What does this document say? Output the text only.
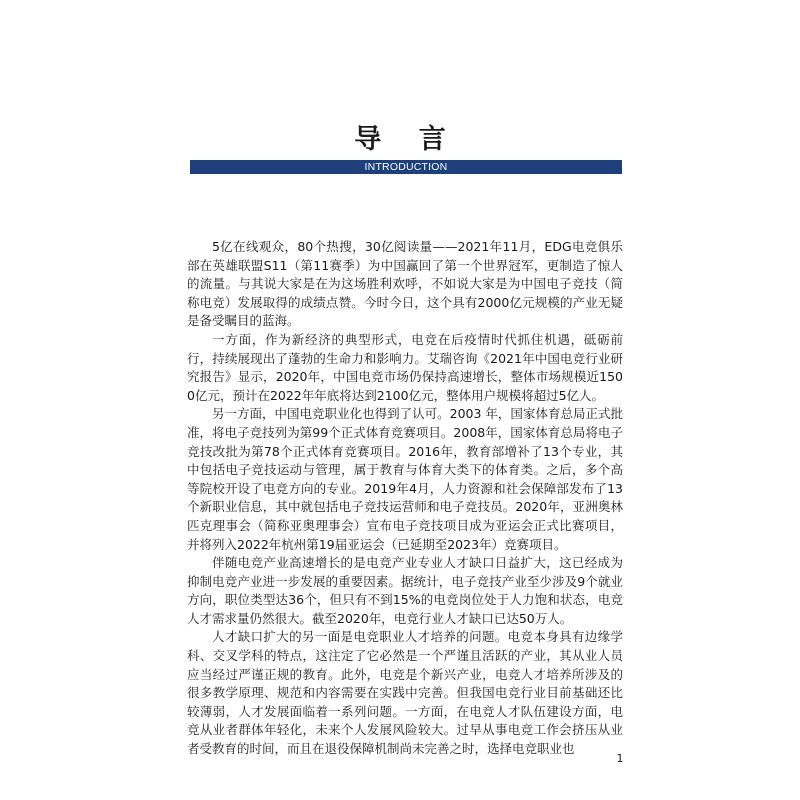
导 言
INTRODUCTION

5亿在线观众，80个热搜，30亿阅读量——2021年11月，EDG电竞俱乐部在英雄联盟S11（第11赛季）为中国赢回了第一个世界冠军，更制造了惊人的流量。与其说大家是在为这场胜利欢呼，不如说大家是为中国电子竞技（简称电竞）发展取得的成绩点赞。今时今日，这个具有2000亿元规模的产业无疑是备受瞩目的蓝海。

一方面，作为新经济的典型形式，电竞在后疫情时代抓住机遇，砥砺前行，持续展现出了蓬勃的生命力和影响力。艾瑞咨询《2021年中国电竞行业研究报告》显示，2020年，中国电竞市场仍保持高速增长，整体市场规模近1500亿元，预计在2022年年底将达到2100亿元，整体用户规模将超过5亿人。

另一方面，中国电竞职业化也得到了认可。2003 年，国家体育总局正式批准，将电子竞技列为第99个正式体育竞赛项目。2008年，国家体育总局将电子竞技改批为第78个正式体育竞赛项目。2016年，教育部增补了13个专业，其中包括电子竞技运动与管理，属于教育与体育大类下的体育类。之后，多个高等院校开设了电竞方向的专业。2019年4月，人力资源和社会保障部发布了13 个新职业信息，其中就包括电子竞技运营师和电子竞技员。2020年，亚洲奥林匹克理事会（简称亚奥理事会）宣布电子竞技项目成为亚运会正式比赛项目，并将列入2022年杭州第19届亚运会（已延期至2023年）竞赛项目。

伴随电竞产业高速增长的是电竞产业专业人才缺口日益扩大，这已经成为抑制电竞产业进一步发展的重要因素。据统计，电子竞技产业至少涉及9个就业方向，职位类型达36个，但只有不到15%的电竞岗位处于人力饱和状态，电竞人才需求量仍然很大。截至2020年，电竞行业人才缺口已达50万人。

人才缺口扩大的另一面是电竞职业人才培养的问题。电竞本身具有边缘学科、交叉学科的特点，这注定了它必然是一个严谨且活跃的产业，其从业人员应当经过严谨正规的教育。此外，电竞是个新兴产业，电竞人才培养所涉及的很多教学原理、规范和内容需要在实践中完善。但我国电竞行业目前基础还比较薄弱，人才发展面临着一系列问题。一方面，在电竞人才队伍建设方面，电竞从业者群体年轻化，未来个人发展风险较大。过早从事电竞工作会挤压从业者受教育的时间，而且在退役保障机制尚未完善之时，选择电竞职业也

1
